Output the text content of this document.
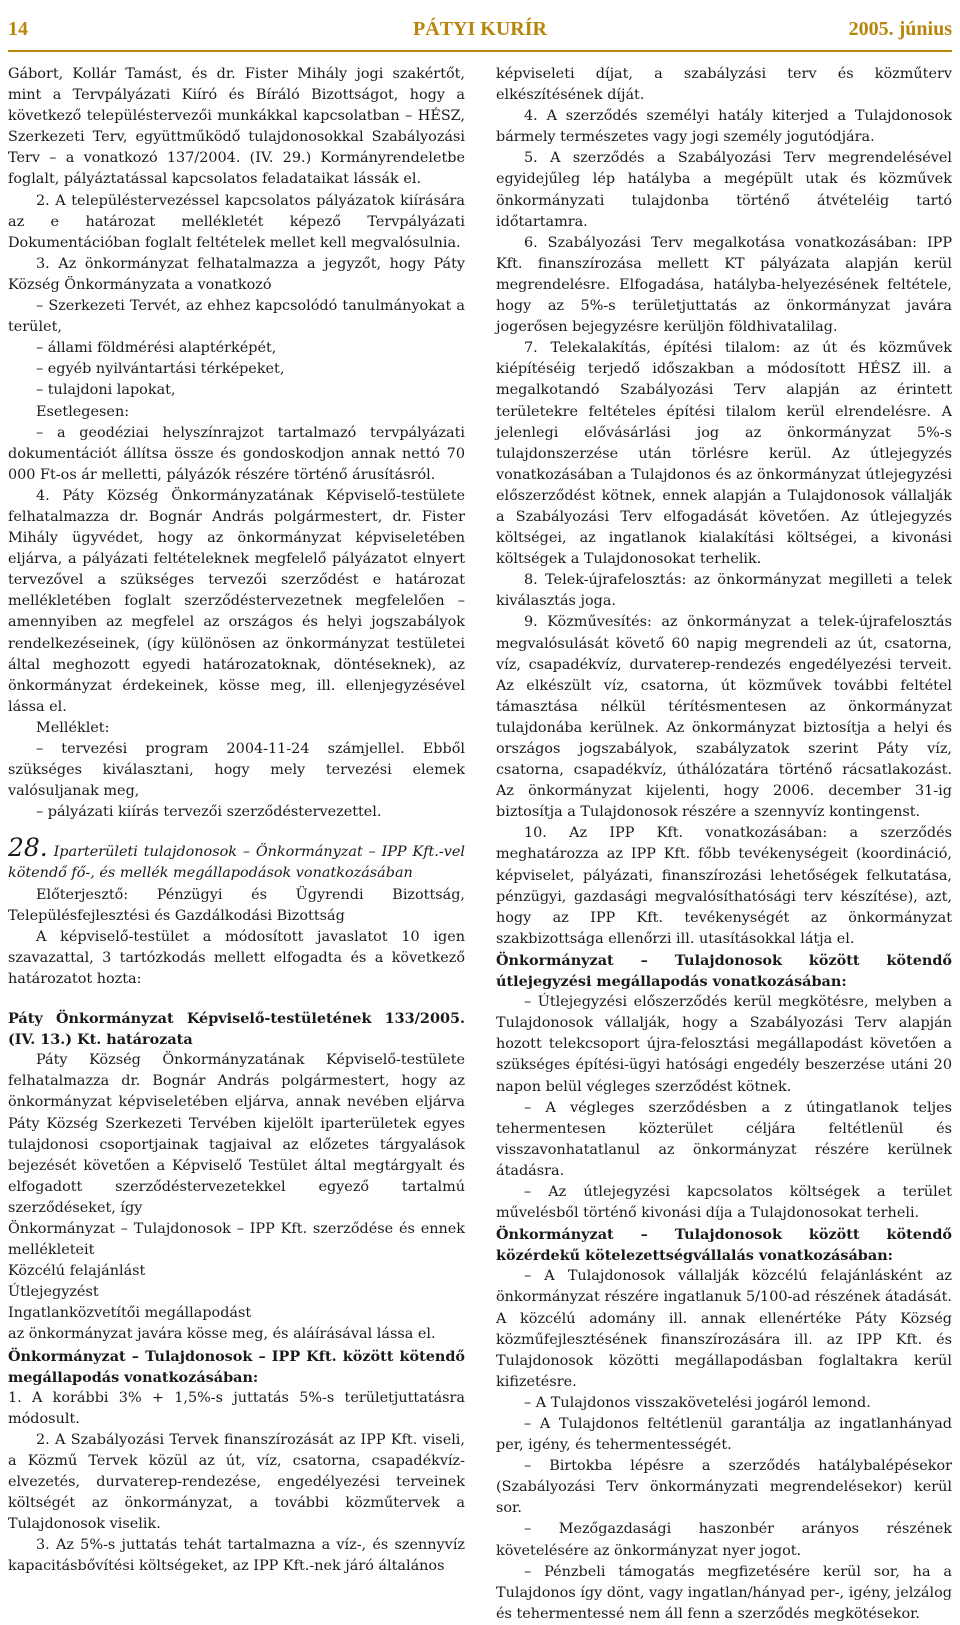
14	PÁTYI KURÍR	2005. június

Gábort, Kollár Tamást, és dr. Fister Mihály jogi szakértőt, mint a Tervpályázati Kiíró és Bíráló Bizottságot, hogy a következő településtervezői munkákkal kapcsolatban – HÉSZ, Szerkezeti Terv, együttműködő tulajdonosokkal Szabályozási Terv – a vonatkozó 137/2004. (IV. 29.) Kormányrendeletbe foglalt, pályáztatással kapcsolatos feladataikat lássák el.

2. A településtervezéssel kapcsolatos pályázatok kiírására az e határozat mellékletét képező Tervpályázati Dokumentációban foglalt feltételek mellet kell megvalósulnia.

3. Az önkormányzat felhatalmazza a jegyzőt, hogy Páty Község Önkormányzata a vonatkozó

– Szerkezeti Tervét, az ehhez kapcsolódó tanulmányokat a terület,

– állami földmérési alaptérképét,

– egyéb nyilvántartási térképeket,

– tulajdoni lapokat,

Esetlegesen:

– a geodéziai helyszínrajzot tartalmazó tervpályázati dokumentációt állítsa össze és gondoskodjon annak nettó 70 000 Ft-os ár melletti, pályázók részére történő árusításról.

4. Páty Község Önkormányzatának Képviselő-testülete felhatalmazza dr. Bognár András polgármestert, dr. Fister Mihály ügyvédet, hogy az önkormányzat képviseletében eljárva, a pályázati feltételeknek megfelelő pályázatot elnyert tervezővel a szükséges tervezői szerződést e határozat mellékletében foglalt szerződéstervezetnek megfelelően – amennyiben az megfelel az országos és helyi jogszabályok rendelkezéseinek, (így különösen az önkormányzat testületei által meghozott egyedi határozatoknak, döntéseknek), az önkormányzat érdekeinek, kösse meg, ill. ellenjegyzésével lássa el.

Melléklet:

– tervezési program 2004-11-24 számjellel. Ebből szükséges kiválasztani, hogy mely tervezési elemek valósuljanak meg,

– pályázati kiírás tervezői szerződéstervezettel.

28. Iparterületi tulajdonosok – Önkormányzat – IPP Kft.-vel kötendő fő-, és mellék megállapodások vonatkozásában

Előterjesztő: Pénzügyi és Ügyrendi Bizottság, Településfejlesztési és Gazdálkodási Bizottság

A képviselő-testület a módosított javaslatot 10 igen szavazattal, 3 tartózkodás mellett elfogadta és a következő határozatot hozta:

Páty Önkormányzat Képviselő-testületének 133/2005. (IV. 13.) Kt. határozata

Páty Község Önkormányzatának Képviselő-testülete felhatalmazza dr. Bognár András polgármestert, hogy az önkormányzat képviseletében eljárva, annak nevében eljárva Páty Község Szerkezeti Tervében kijelölt iparterületek egyes tulajdonosi csoportjainak tagjaival az előzetes tárgyalások bejezését követően a Képviselő Testület által megtárgyalt és elfogadott szerződéstervezetekkel egyező tartalmú szerződéseket, így

Önkormányzat – Tulajdonosok – IPP Kft. szerződése és ennek mellékleteit

Közcélú felajánlást

Útlejegyzést

Ingatlanközvetítői megállapodást

az önkormányzat javára kösse meg, és aláírásával lássa el.

Önkormányzat – Tulajdonosok – IPP Kft. között kötendő megállapodás vonatkozásában:

1. A korábbi 3% + 1,5%-s juttatás 5%-s területjuttatásra módosult.

2. A Szabályozási Tervek finanszírozását az IPP Kft. viseli, a Közmű Tervek közül az út, víz, csatorna, csapadékvíz-elvezetés, durvaterep-rendezése, engedélyezési terveinek költségét az önkormányzat, a további közműtervek a Tulajdonosok viselik.

3. Az 5%-s juttatás tehát tartalmazna a víz-, és szennyvíz kapacitásbővítési költségeket, az IPP Kft.-nek járó általános

képviseleti díjat, a szabályzási terv és közműterv elkészítésének díját.

4. A szerződés személyi hatály kiterjed a Tulajdonosok bármely természetes vagy jogi személy jogutódjára.

5. A szerződés a Szabályozási Terv megrendelésével egyidejűleg lép hatályba a megépült utak és közművek önkormányzati tulajdonba történő átvételéig tartó időtartamra.

6. Szabályozási Terv megalkotása vonatkozásában: IPP Kft. finanszírozása mellett KT pályázata alapján kerül megrendelésre. Elfogadása, hatályba-helyezésének feltétele, hogy az 5%-s területjuttatás az önkormányzat javára jogerősen bejegyzésre kerüljön földhivatalilag.

7. Telekalakítás, építési tilalom: az út és közművek kiépítéséig terjedő időszakban a módosított HÉSZ ill. a megalkotandó Szabályozási Terv alapján az érintett területekre feltételes építési tilalom kerül elrendelésre. A jelenlegi elővásárlási jog az önkormányzat 5%-s tulajdonszerzése után törlésre kerül. Az útlejegyzés vonatkozásában a Tulajdonos és az önkormányzat útlejegyzési előszerződést kötnek, ennek alapján a Tulajdonosok vállalják a Szabályozási Terv elfogadását követően. Az útlejegyzés költségei, az ingatlanok kialakítási költségei, a kivonási költségek a Tulajdonosokat terhelik.

8. Telek-újrafelosztás: az önkormányzat megilleti a telek kiválasztás joga.

9. Közművesítés: az önkormányzat a telek-újrafelosztás megvalósulását követő 60 napig megrendeli az út, csatorna, víz, csapadékvíz, durvaterep-rendezés engedélyezési terveit. Az elkészült víz, csatorna, út közművek további feltétel támasztása nélkül térítésmentesen az önkormányzat tulajdonába kerülnek. Az önkormányzat biztosítja a helyi és országos jogszabályok, szabályzatok szerint Páty víz, csatorna, csapadékvíz, úthálózatára történő rácsatlakozást. Az önkormányzat kijelenti, hogy 2006. december 31-ig biztosítja a Tulajdonosok részére a szennyvíz kontingenst.

10. Az IPP Kft. vonatkozásában: a szerződés meghatározza az IPP Kft. főbb tevékenységeit (koordináció, képviselet, pályázati, finanszírozási lehetőségek felkutatása, pénzügyi, gazdasági megvalósíthatósági terv készítése), azt, hogy az IPP Kft. tevékenységét az önkormányzat szakbizottsága ellenőrzi ill. utasításokkal látja el.

Önkormányzat – Tulajdonosok között kötendő útlejegyzési megállapodás vonatkozásában:

– Útlejegyzési előszerződés kerül megkötésre, melyben a Tulajdonosok vállalják, hogy a Szabályozási Terv alapján hozott telekcsoport újra-felosztási megállapodást követően a szükséges építési-ügyi hatósági engedély beszerzése utáni 20 napon belül végleges szerződést kötnek.

– A végleges szerződésben a z útingatlanok teljes tehermentesen közterület céljára feltétlenül és visszavonhatatlanul az önkormányzat részére kerülnek átadásra.

– Az útlejegyzési kapcsolatos költségek a terület művelésből történő kivonási díja a Tulajdonosokat terheli.

Önkormányzat – Tulajdonosok között kötendő közérdekű kötelezettségvállalás vonatkozásában:

– A Tulajdonosok vállalják közcélú felajánlásként az önkormányzat részére ingatlanuk 5/100-ad részének átadását. A közcélú adomány ill. annak ellenértéke Páty Község közműfejlesztésének finanszírozására ill. az IPP Kft. és Tulajdonosok közötti megállapodásban foglaltakra kerül kifizetésre.

– A Tulajdonos visszakövetelési jogáról lemond.

– A Tulajdonos feltétlenül garantálja az ingatlanhányad per, igény, és tehermentességét.

– Birtokba lépésre a szerződés hatálybalépésekor (Szabályozási Terv önkormányzati megrendelésekor) kerül sor.

– Mezőgazdasági haszonbér arányos részének követelésére az önkormányzat nyer jogot.

– Pénzbeli támogatás megfizetésére kerül sor, ha a Tulajdonos így dönt, vagy ingatlan/hányad per-, igény, jelzálog és tehermentessé nem áll fenn a szerződés megkötésekor.
